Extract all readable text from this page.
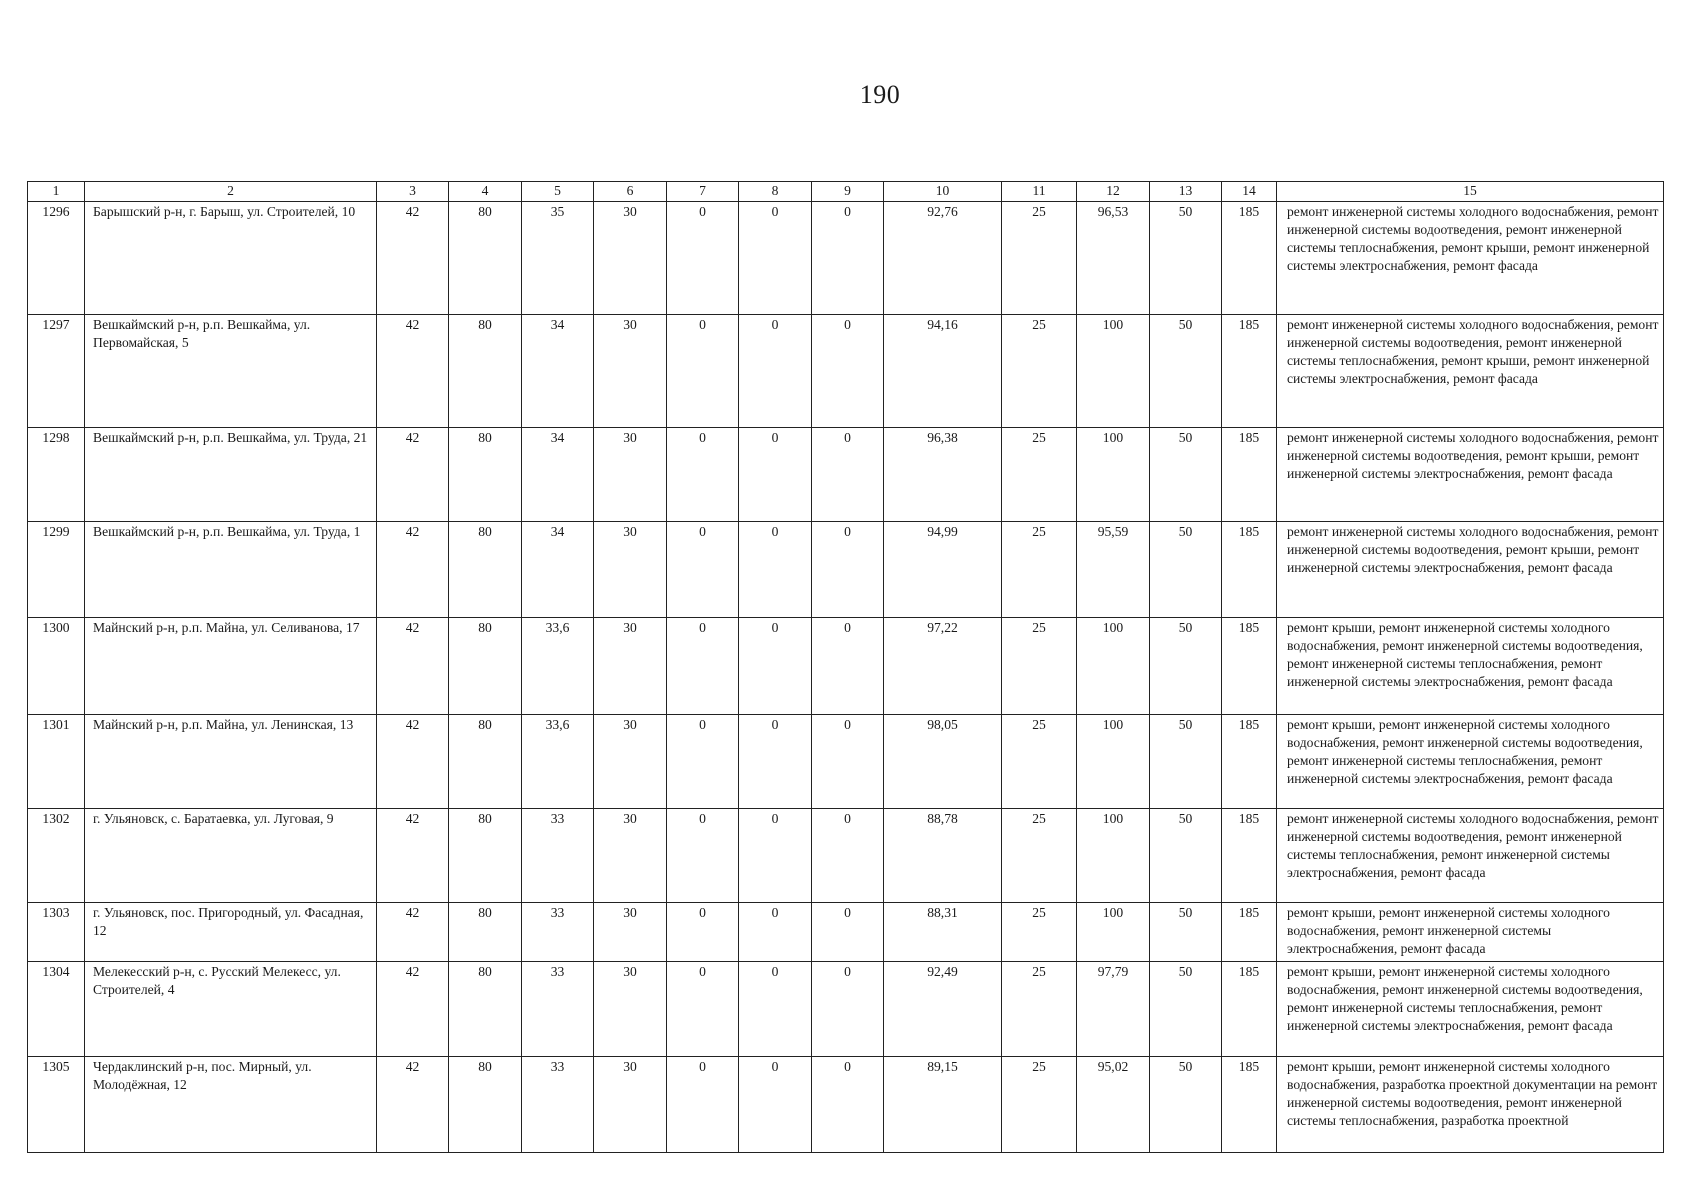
190
1	2	3	4	5	6	7	8	9	10	11	12	13	14	15
1296	Барышский р-н, г. Барыш, ул. Строителей, 10	42	80	35	30	0	0	0	92,76	25	96,53	50	185	ремонт инженерной системы холодного водоснабжения, ремонт инженерной системы водоотведения, ремонт инженерной системы теплоснабжения, ремонт крыши, ремонт инженерной системы электроснабжения, ремонт фасада
1297	Вешкаймский р-н, р.п. Вешкайма, ул. Первомайская, 5	42	80	34	30	0	0	0	94,16	25	100	50	185	ремонт инженерной системы холодного водоснабжения, ремонт инженерной системы водоотведения, ремонт инженерной системы теплоснабжения, ремонт крыши, ремонт инженерной системы электроснабжения, ремонт фасада
1298	Вешкаймский р-н, р.п. Вешкайма, ул. Труда, 21	42	80	34	30	0	0	0	96,38	25	100	50	185	ремонт инженерной системы холодного водоснабжения, ремонт инженерной системы водоотведения, ремонт крыши, ремонт инженерной системы электроснабжения, ремонт фасада
1299	Вешкаймский р-н, р.п. Вешкайма, ул. Труда, 1	42	80	34	30	0	0	0	94,99	25	95,59	50	185	ремонт инженерной системы холодного водоснабжения, ремонт инженерной системы водоотведения, ремонт крыши, ремонт инженерной системы электроснабжения, ремонт фасада
1300	Майнский р-н, р.п. Майна, ул. Селиванова, 17	42	80	33,6	30	0	0	0	97,22	25	100	50	185	ремонт крыши, ремонт инженерной системы холодного водоснабжения, ремонт инженерной системы водоотведения, ремонт инженерной системы теплоснабжения, ремонт инженерной системы электроснабжения, ремонт фасада
1301	Майнский р-н, р.п. Майна, ул. Ленинская, 13	42	80	33,6	30	0	0	0	98,05	25	100	50	185	ремонт крыши, ремонт инженерной системы холодного водоснабжения, ремонт инженерной системы водоотведения, ремонт инженерной системы теплоснабжения, ремонт инженерной системы электроснабжения, ремонт фасада
1302	г. Ульяновск, с. Баратаевка, ул. Луговая, 9	42	80	33	30	0	0	0	88,78	25	100	50	185	ремонт инженерной системы холодного водоснабжения, ремонт инженерной системы водоотведения, ремонт инженерной системы теплоснабжения, ремонт инженерной системы электроснабжения, ремонт фасада
1303	г. Ульяновск, пос. Пригородный, ул. Фасадная, 12	42	80	33	30	0	0	0	88,31	25	100	50	185	ремонт крыши, ремонт инженерной системы холодного водоснабжения, ремонт инженерной системы электроснабжения, ремонт фасада
1304	Мелекесский р-н, с. Русский Мелекесс, ул. Строителей, 4	42	80	33	30	0	0	0	92,49	25	97,79	50	185	ремонт крыши, ремонт инженерной системы холодного водоснабжения, ремонт инженерной системы водоотведения, ремонт инженерной системы теплоснабжения, ремонт инженерной системы электроснабжения, ремонт фасада
1305	Чердаклинский р-н, пос. Мирный, ул. Молодёжная, 12	42	80	33	30	0	0	0	89,15	25	95,02	50	185	ремонт крыши, ремонт инженерной системы холодного водоснабжения, разработка проектной документации на ремонт инженерной системы водоотведения, ремонт инженерной системы теплоснабжения, разработка проектной
